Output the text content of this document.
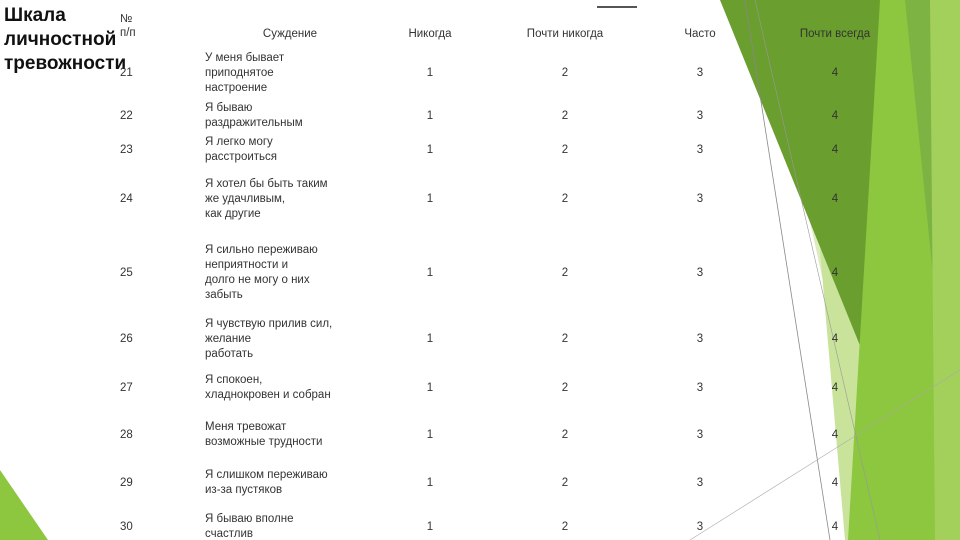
Шкала
личностной
тревожности
№
п/п	Суждение	Никогда	Почти никогда	Часто	Почти всегда
21	У меня бывает
приподнятое
настроение	1	2	3	4
22	Я бываю
раздражительным	1	2	3	4
23	Я легко могу
расстроиться	1	2	3	4
24	Я хотел бы быть таким
же удачливым,
как другие	1	2	3	4
25	Я сильно переживаю
неприятности и
долго не могу о них
забыть	1	2	3	4
26	Я чувствую прилив сил,
желание
работать	1	2	3	4
27	Я спокоен,
хладнокровен и собран	1	2	3	4
28	Меня тревожат
возможные трудности	1	2	3	4
29	Я слишком переживаю
из-за пустяков	1	2	3	4
30	Я бываю вполне
счастлив	1	2	3	4
